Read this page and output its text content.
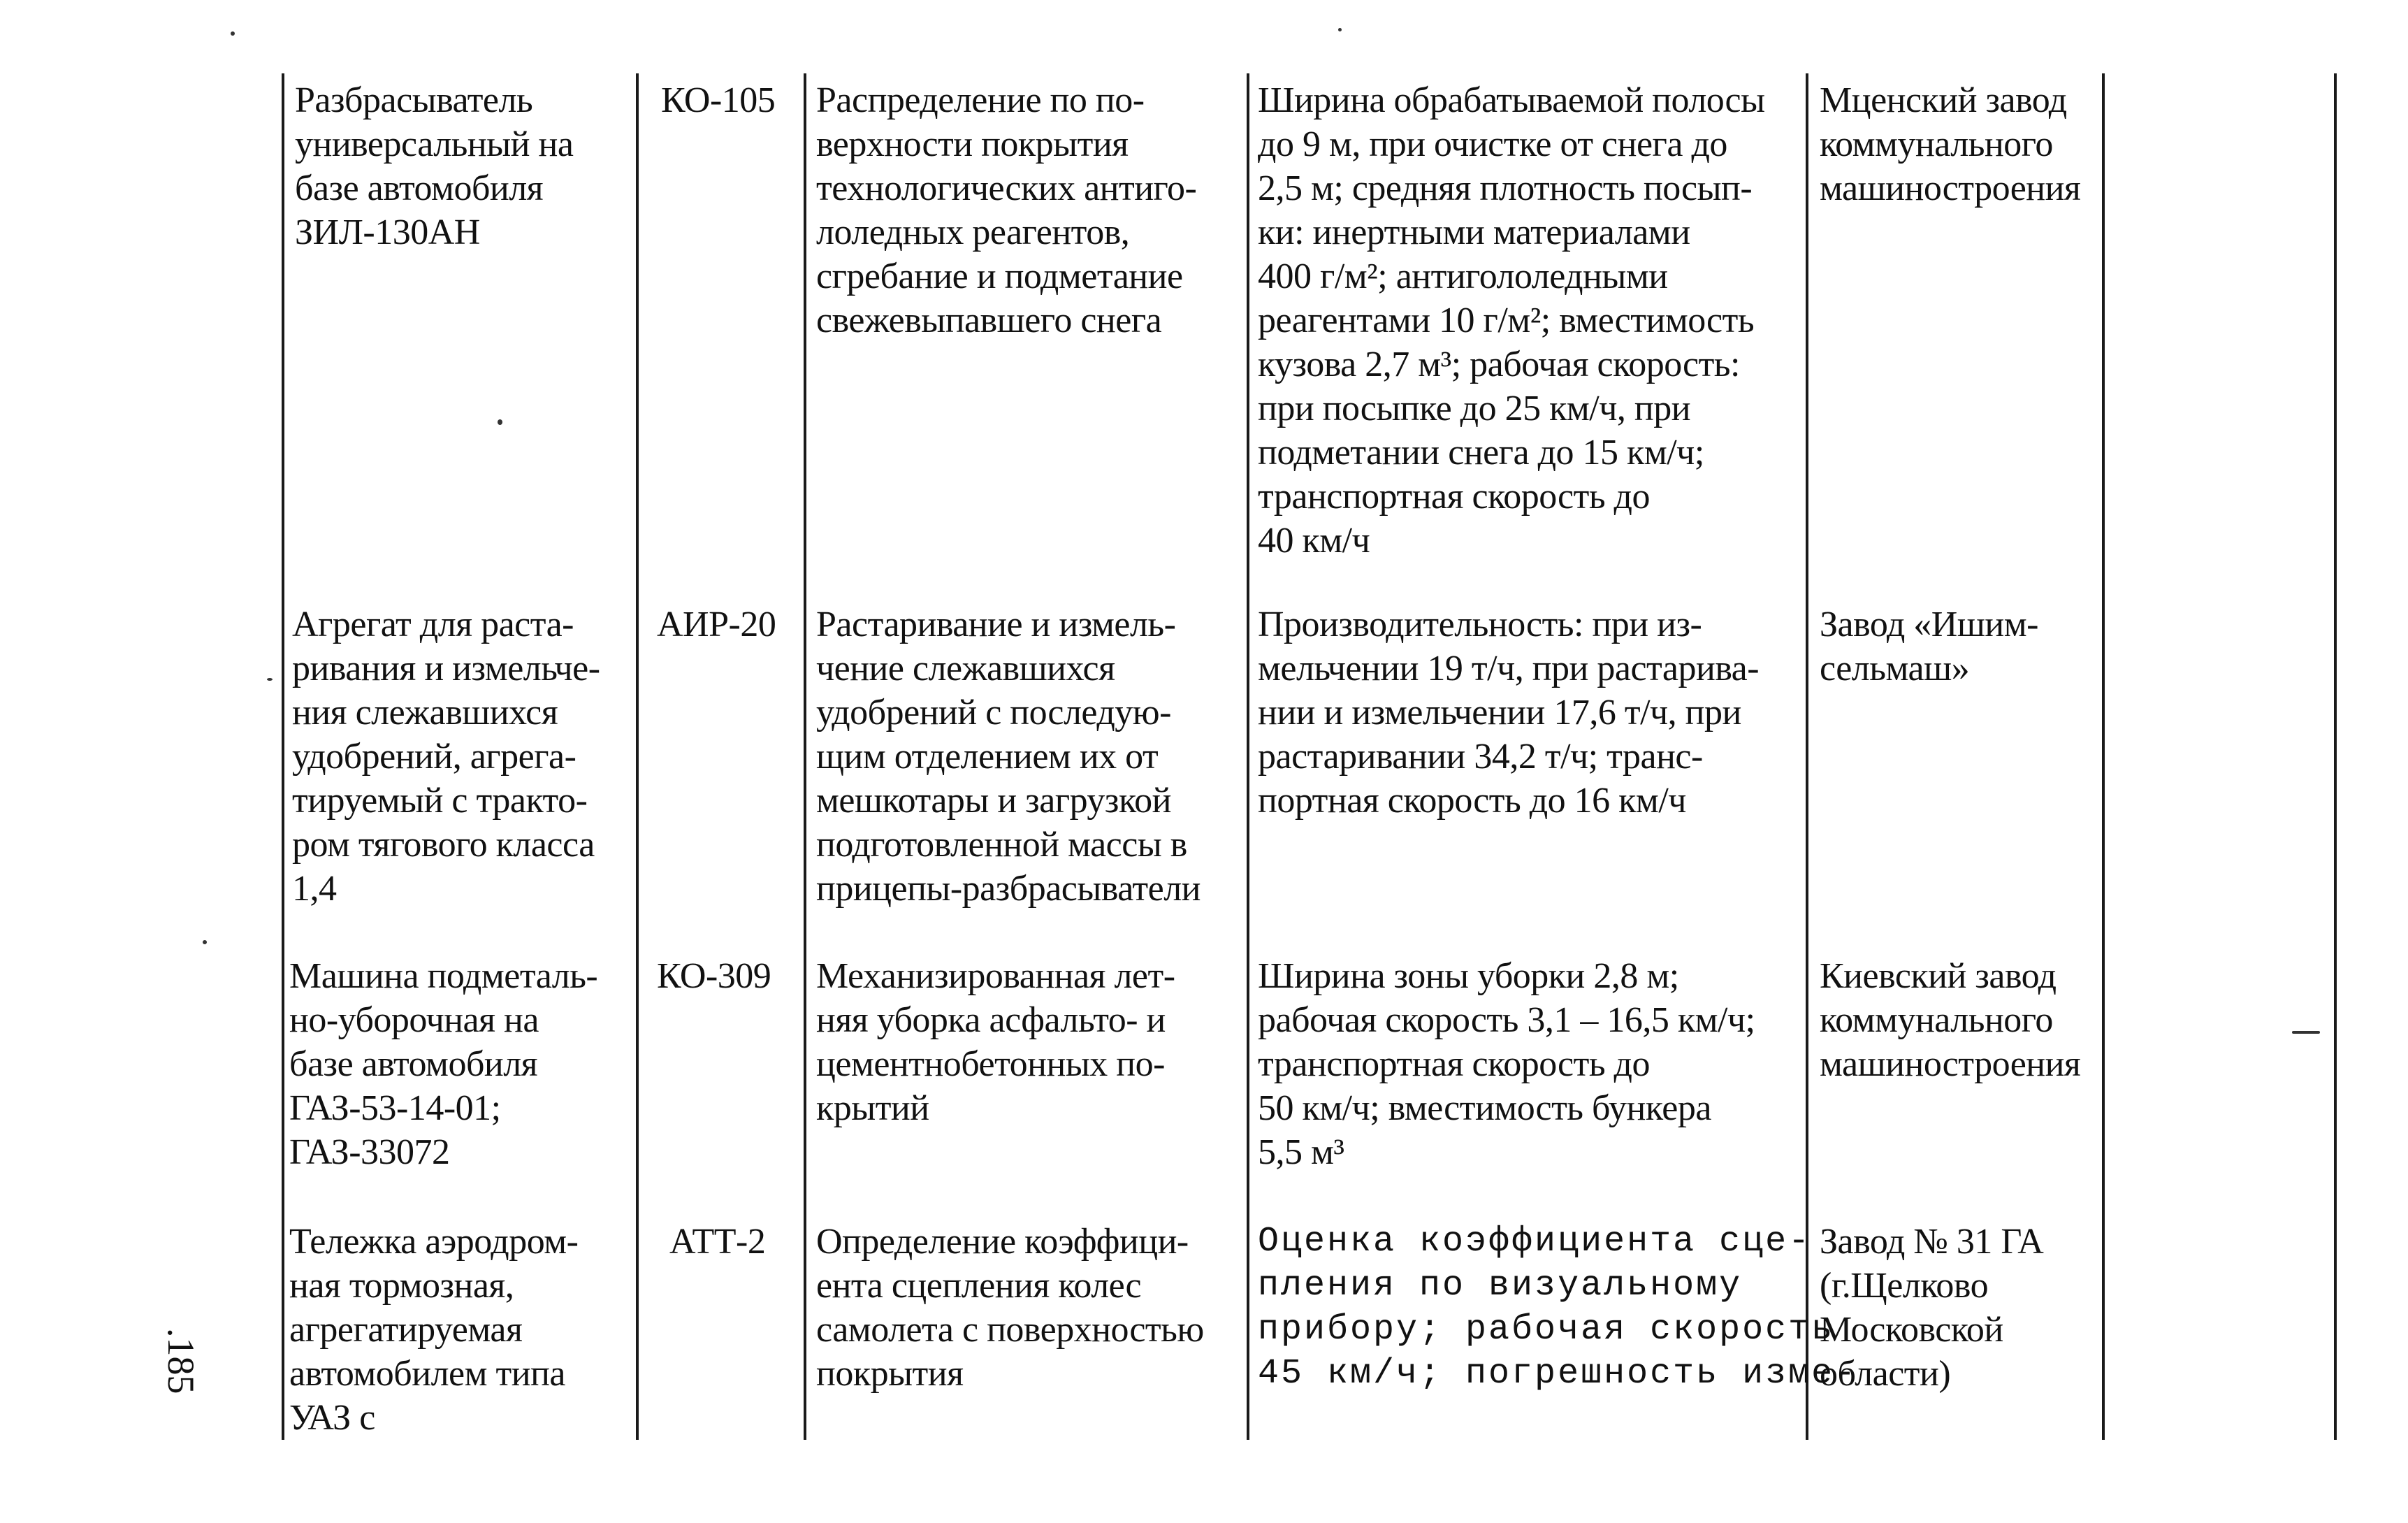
Разбрасыватель
универсальный на
базе автомобиля
ЗИЛ-130АН
КО-105 Распределение по по-
верхности покрытия
технологических антиго-
лоледных реагентов,
сгребание и подметание
свежевыпавшего снега
Ширина обрабатываемой полосы
до 9 м, при очистке от снега до
2,5 м; средняя плотность посып-
ки: инертными материалами
400 г/м²; антигололедными
реагентами 10 г/м²; вместимость
кузова 2,7 м³; рабочая скорость:
при посыпке до 25 км/ч, при
подметании снега до 15 км/ч;
транспортная скорость до
40 км/ч
Мценский завод
коммунального
машиностроения
Агрегат для раста-
ривания и измельче-
ния слежавшихся
удобрений, агрега-
тируемый с тракто-
ром тягового класса
1,4
АИР-20 Растаривание и измель-
чение слежавшихся
удобрений с последую-
щим отделением их от
мешкотары и загрузкой
подготовленной массы в
прицепы-разбрасыватели
Производительность: при из-
мельчении 19 т/ч, при растарива-
нии и измельчении 17,6 т/ч, при
растаривании 34,2 т/ч; транс-
портная скорость до 16 км/ч
Завод «Ишим-
сельмаш»
Машина подметаль-
но-уборочная на
базе автомобиля
ГАЗ-53-14-01;
ГАЗ-33072
КО-309 Механизированная лет-
няя уборка асфальто- и
цементнобетонных по-
крытий
Ширина зоны уборки 2,8 м;
рабочая скорость 3,1 – 16,5 км/ч;
транспортная скорость до
50 км/ч; вместимость бункера
5,5 м³
Киевский завод
коммунального
машиностроения
Тележка аэродром-
ная тормозная,
агрегатируемая
автомобилем типа
УАЗ с
АТТ-2 Определение коэффици-
ента сцепления колес
самолета с поверхностью
покрытия
Оценка коэффициента сце-
пления по визуальному
прибору; рабочая скорость
45 км/ч; погрешность изме-
Завод № 31 ГА
(г.Щелково
Московской
области)
.185
